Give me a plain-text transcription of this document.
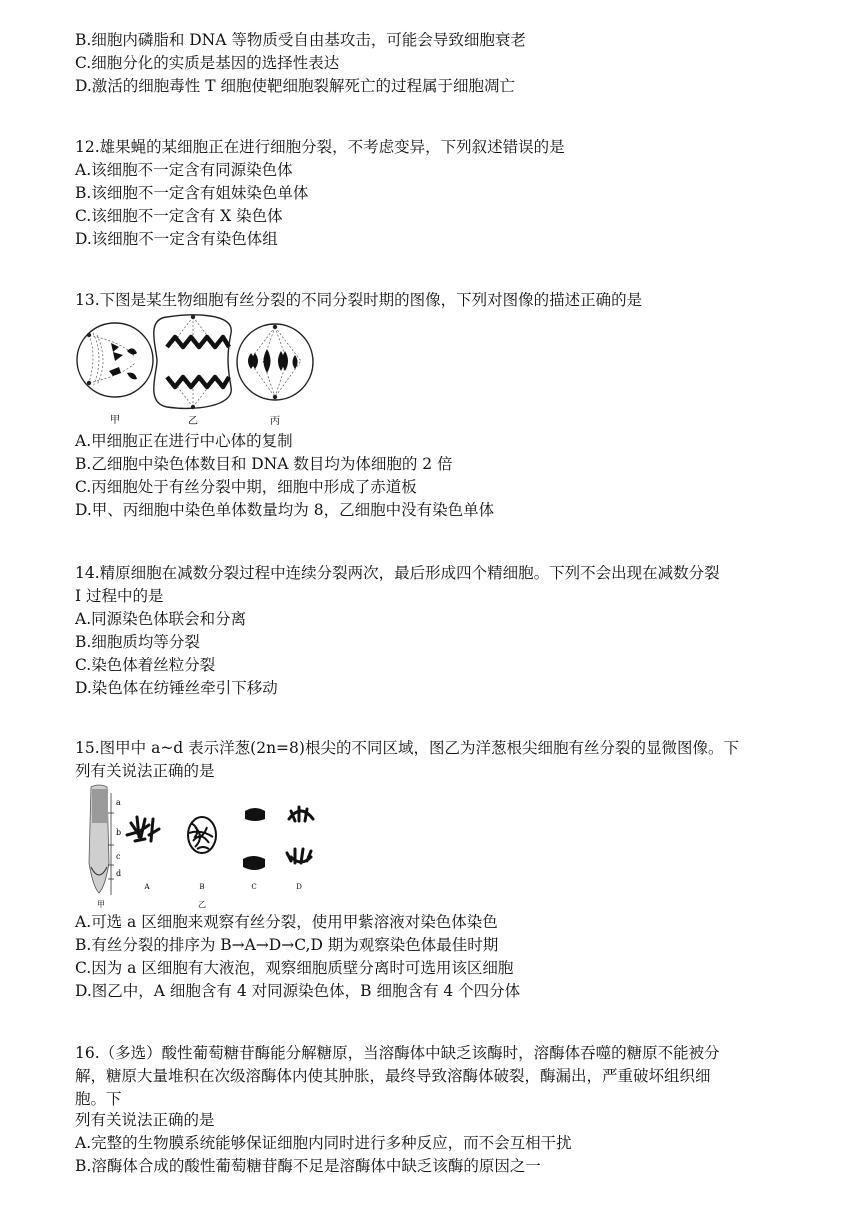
B.细胞内磷脂和 DNA 等物质受自由基攻击，可能会导致细胞衰老
C.细胞分化的实质是基因的选择性表达
D.激活的细胞毒性 T 细胞使靶细胞裂解死亡的过程属于细胞凋亡
12.雄果蝇的某细胞正在进行细胞分裂，不考虑变异，下列叙述错误的是
A.该细胞不一定含有同源染色体
B.该细胞不一定含有姐妹染色单体
C.该细胞不一定含有 X 染色体
D.该细胞不一定含有染色体组
13.下图是某生物细胞有丝分裂的不同分裂时期的图像，下列对图像的描述正确的是
甲	乙	丙
A.甲细胞正在进行中心体的复制
B.乙细胞中染色体数目和 DNA 数目均为体细胞的 2 倍
C.丙细胞处于有丝分裂中期，细胞中形成了赤道板
D.甲、丙细胞中染色单体数量均为 8，乙细胞中没有染色单体
14.精原细胞在减数分裂过程中连续分裂两次，最后形成四个精细胞。下列不会出现在减数分裂
I 过程中的是
A.同源染色体联会和分离
B.细胞质均等分裂
C.染色体着丝粒分裂
D.染色体在纺锤丝牵引下移动
15.图甲中 a~d 表示洋葱(2n=8)根尖的不同区域，图乙为洋葱根尖细胞有丝分裂的显微图像。下
列有关说法正确的是
a
b
c
d
甲
A	B	C	D
乙
A.可选 a 区细胞来观察有丝分裂，使用甲紫溶液对染色体染色
B.有丝分裂的排序为 B→A→D→C,D 期为观察染色体最佳时期
C.因为 a 区细胞有大液泡，观察细胞质壁分离时可选用该区细胞
D.图乙中，A 细胞含有 4 对同源染色体，B 细胞含有 4 个四分体
16.（多选）酸性葡萄糖苷酶能分解糖原，当溶酶体中缺乏该酶时，溶酶体吞噬的糖原不能被分
解，糖原大量堆积在次级溶酶体内使其肿胀，最终导致溶酶体破裂，酶漏出，严重破坏组织细
胞。下
列有关说法正确的是
A.完整的生物膜系统能够保证细胞内同时进行多种反应，而不会互相干扰
B.溶酶体合成的酸性葡萄糖苷酶不足是溶酶体中缺乏该酶的原因之一
